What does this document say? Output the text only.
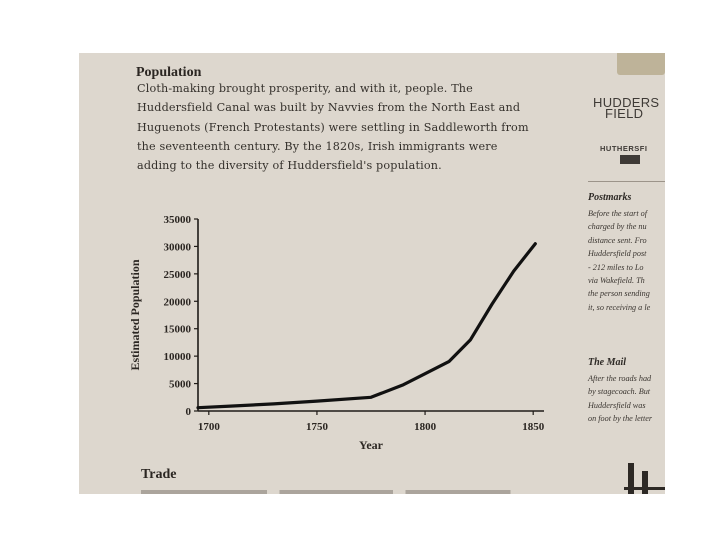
Population
Cloth-making brought prosperity, and with it, people. The
Huddersfield Canal was built by Navvies from the North East and
Huguenots (French Protestants) were settling in Saddleworth from
the seventeenth century. By the 1820s, Irish immigrants were
adding to the diversity of Huddersfield's population.
0
5000
10000
15000
20000
25000
30000
35000
1700	1750	1800	1850
Year
Estimated Population
Trade
HUDDERS
FIELD
HUTHERSFI
Postmarks
Before the start of
charged by the nu
distance sent. Fro
Huddersfield post
- 212 miles to Lo
via Wakefield. Th
the person sending
it, so receiving a le
The Mail
After the roads had
by stagecoach. But
Huddersfield was
on foot by the letter
